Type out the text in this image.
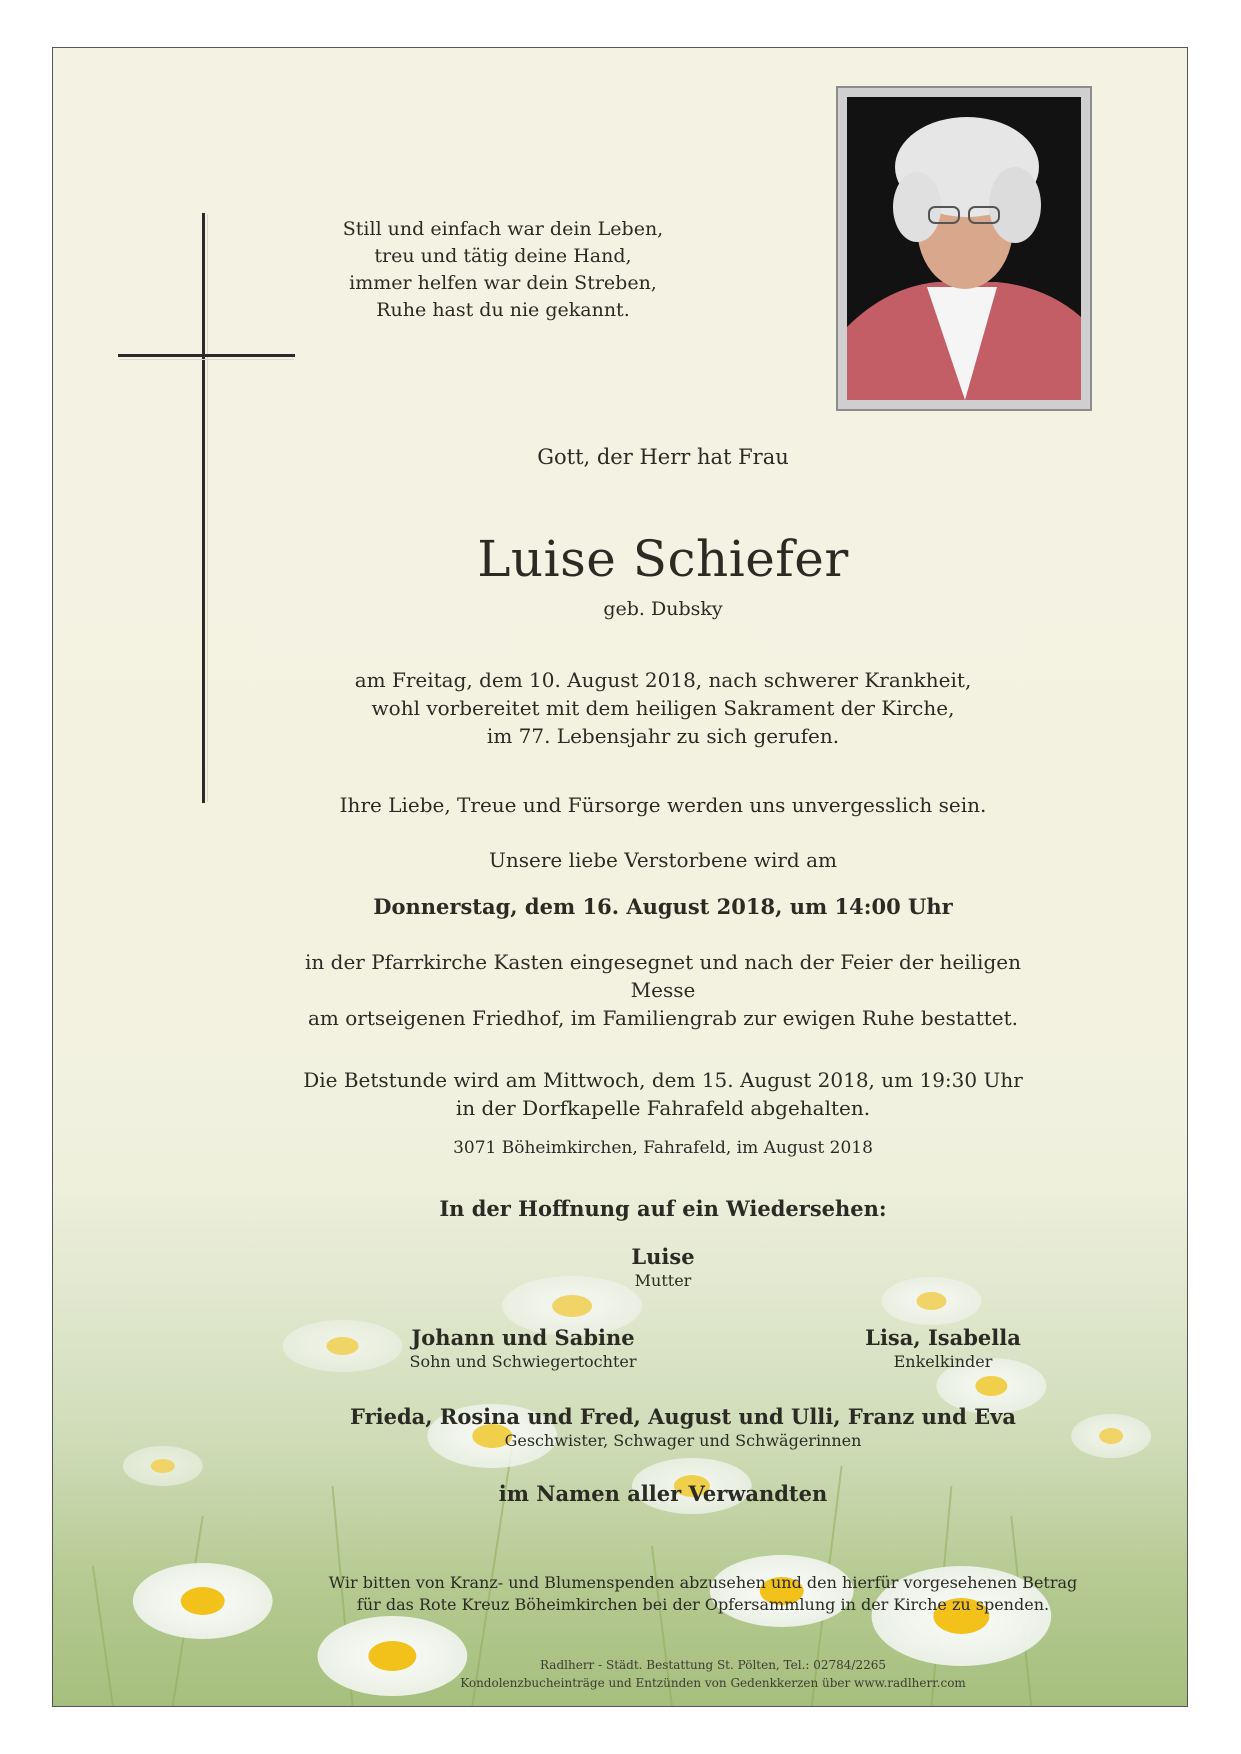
Still und einfach war dein Leben,
treu und tätig deine Hand,
immer helfen war dein Streben,
Ruhe hast du nie gekannt.
Gott, der Herr hat Frau
Luise Schiefer
geb. Dubsky
am Freitag, dem 10. August 2018, nach schwerer Krankheit,
wohl vorbereitet mit dem heiligen Sakrament der Kirche,
im 77. Lebensjahr zu sich gerufen.
Ihre Liebe, Treue und Fürsorge werden uns unvergesslich sein.
Unsere liebe Verstorbene wird am
Donnerstag, dem 16. August 2018, um 14:00 Uhr
in der Pfarrkirche Kasten eingesegnet und nach der Feier der heiligen Messe
am ortseigenen Friedhof, im Familiengrab zur ewigen Ruhe bestattet.
Die Betstunde wird am Mittwoch, dem 15. August 2018, um 19:30 Uhr
in der Dorfkapelle Fahrafeld abgehalten.
3071 Böheimkirchen, Fahrafeld, im August 2018
In der Hoffnung auf ein Wiedersehen:
Luise
Mutter
Johann und Sabine
Sohn und Schwiegertochter
Lisa, Isabella
Enkelkinder
Frieda, Rosina und Fred, August und Ulli, Franz und Eva
Geschwister, Schwager und Schwägerinnen
im Namen aller Verwandten
Wir bitten von Kranz- und Blumenspenden abzusehen und den hierfür vorgesehenen Betrag
für das Rote Kreuz Böheimkirchen bei der Opfersammlung in der Kirche zu spenden.
Radlherr - Städt. Bestattung St. Pölten, Tel.: 02784/2265
Kondolenzbucheinträge und Entzünden von Gedenkkerzen über www.radlherr.com
